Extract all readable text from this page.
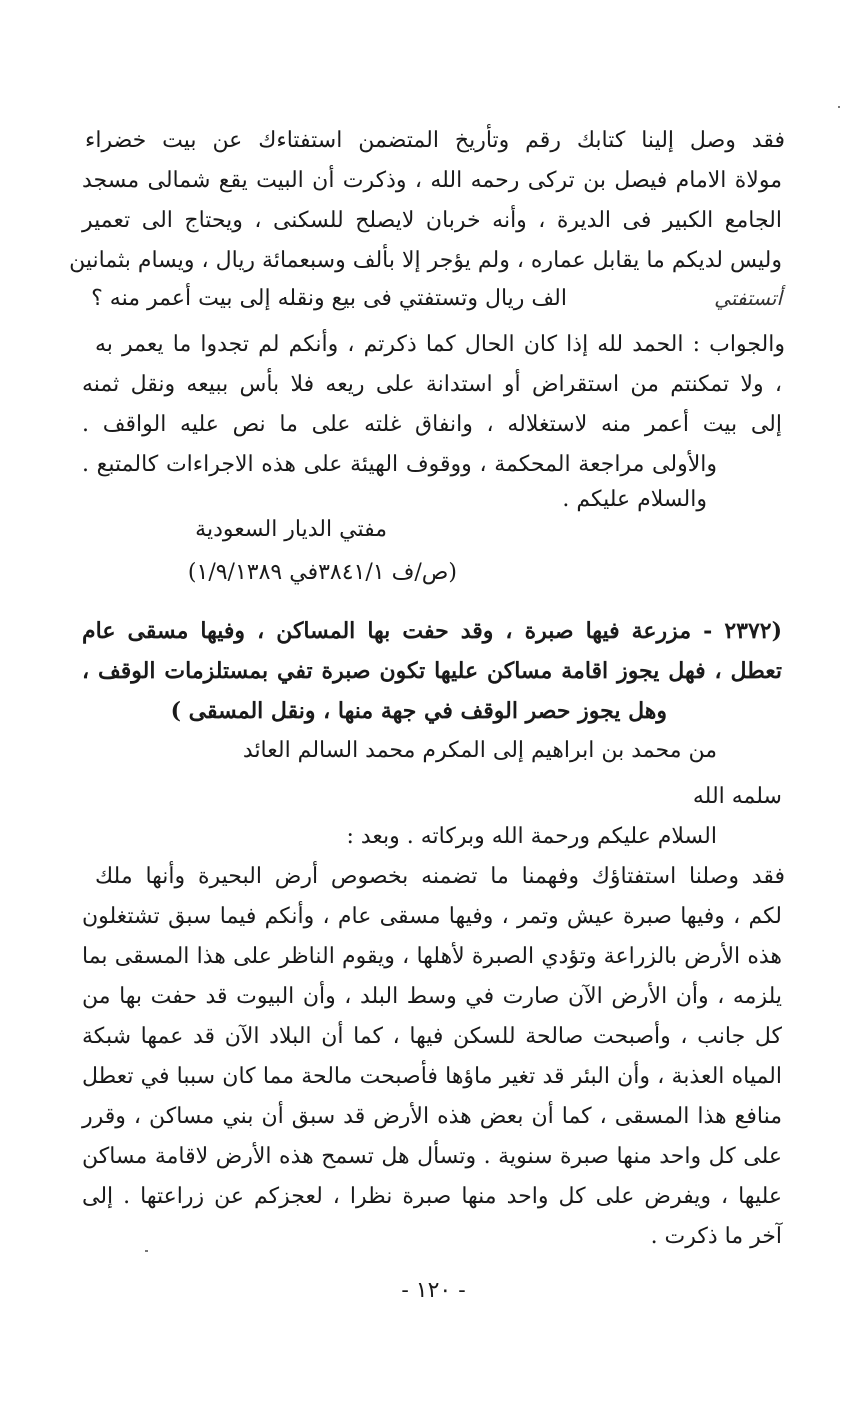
فقد وصل إلينا كتابك رقم وتأريخ المتضمن استفتاءك عن بيت خضراء
مولاة الامام فيصل بن تركى رحمه الله ، وذكرت أن البيت يقع شمالى مسجد
الجامع الكبير فى الديرة ، وأنه خربان لايصلح للسكنى ، ويحتاج الى تعمير
وليس لديكم ما يقابل عماره ، ولم يؤجر إلا بألف وسبعمائة ريال ، ويسام بثمانين
الف ريال وتستفتي فى بيع ونقله إلى بيت أعمر منه ؟	أتستفتي
والجواب : الحمد لله إذا كان الحال كما ذكرتم ، وأنكم لم تجدوا ما يعمر به
، ولا تمكنتم من استقراض أو استدانة على ريعه فلا بأس ببيعه ونقل ثمنه
إلى بيت أعمر منه لاستغلاله ، وانفاق غلته على ما نص عليه الواقف .
والأولى مراجعة المحكمة ، ووقوف الهيئة على هذه الاجراءات كالمتبع .
والسلام عليكم .
مفتي الديار السعودية
(ص/ف ٣٨٤١/١في ١/٩/١٣٨٩)
(٢٣٧٢ - مزرعة فيها صبرة ، وقد حفت بها المساكن ، وفيها مسقى عام
تعطل ، فهل يجوز اقامة مساكن عليها تكون صبرة تفي بمستلزمات الوقف ،
وهل يجوز حصر الوقف في جهة منها ، ونقل المسقى )
من محمد بن ابراهيم إلى المكرم محمد السالم العائد
سلمه الله
السلام عليكم ورحمة الله وبركاته . وبعد :
فقد وصلنا استفتاؤك وفهمنا ما تضمنه بخصوص أرض البحيرة وأنها ملك
لكم ، وفيها صبرة عيش وتمر ، وفيها مسقى عام ، وأنكم فيما سبق تشتغلون
هذه الأرض بالزراعة وتؤدي الصبرة لأهلها ، ويقوم الناظر على هذا المسقى بما
يلزمه ، وأن الأرض الآن صارت في وسط البلد ، وأن البيوت قد حفت بها من
كل جانب ، وأصبحت صالحة للسكن فيها ، كما أن البلاد الآن قد عمها شبكة
المياه العذبة ، وأن البئر قد تغير ماؤها فأصبحت مالحة مما كان سببا في تعطل
منافع هذا المسقى ، كما أن بعض هذه الأرض قد سبق أن بني مساكن ، وقرر
على كل واحد منها صبرة سنوية . وتسأل هل تسمح هذه الأرض لاقامة مساكن
عليها ، ويفرض على كل واحد منها صبرة نظرا ، لعجزكم عن زراعتها . إلى
آخر ما ذكرت .
- ١٢٠ -
